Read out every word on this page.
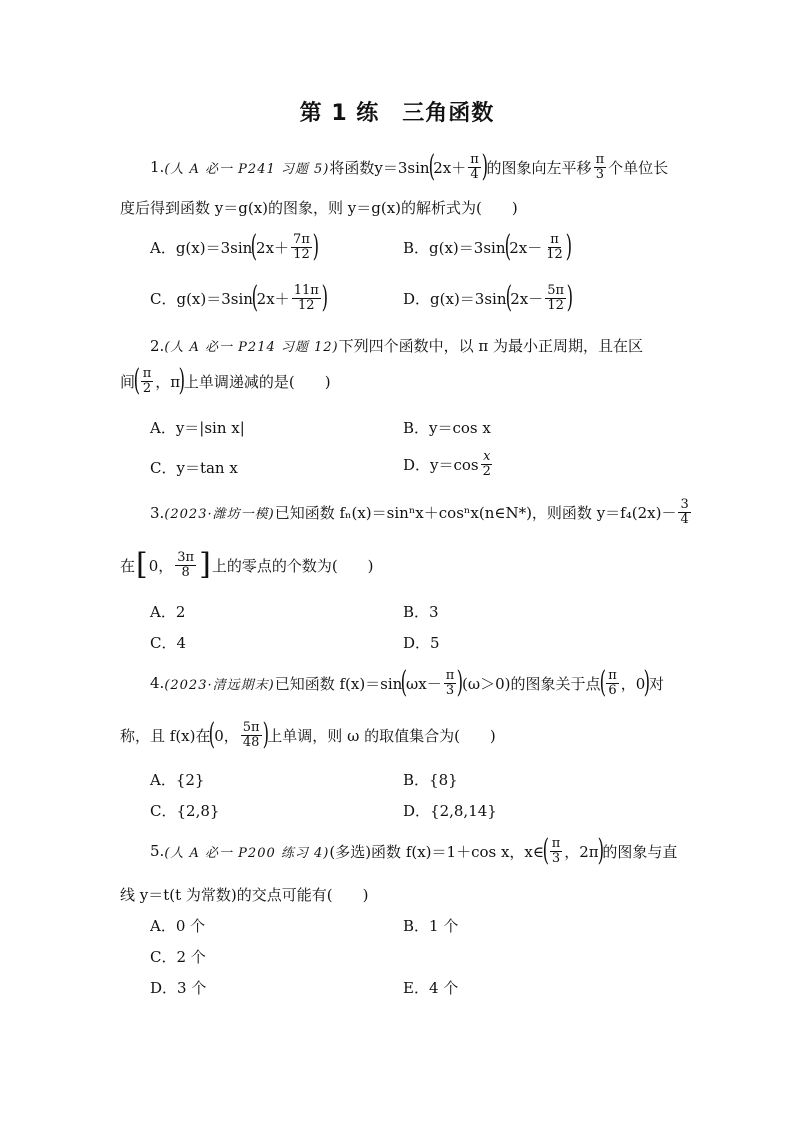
第 1 练　三角函数
1. (人 A 必一 P241 习题 5) 将函数 y＝3sin
(
$2x+ \frac{\pi}{4}$ )
的图象向左平移 $\frac{\pi}{3}$ 个单位长
度后得到函数 y＝g(x)的图象，则 y＝g(x)的解析式为(　　)
A．g(x)＝3sin
(
$2x+ \frac{7\pi}{12}$ )	B．g(x)＝3sin
(
$2x- \frac{\pi}{12}$ )
C．g(x)＝3sin
(
$2x+ \frac{11\pi}{12}$ )	D．g(x)＝3sin
(
$2x- \frac{5\pi}{12}$ )
2. (人 A 必一 P214 习题 12) 下列四个函数中，以 π 为最小正周期，且在区
间
( $\frac{\pi}{2}$ ，π
)
上单调递减的是(　　)
A．y＝|sin x|	B．y＝cos x
C．y＝tan x	D．$y=\cos \frac{x}{2}$
3. (2023·潍坊一模) 已知函数 fₙ(x)＝sinⁿx＋cosⁿx(n∈N*)，则函数 $y=f_4(2x)- \frac{3}{4}$
在 [ 0， $\frac{3\pi}{8}$ ] 上的零点的个数为(　　)
A．2	B．3
C．4	D．5
4. (2023·清远期末) 已知函数 f(x)＝sin
(
$\omega x- \frac{\pi}{3}$ )
(ω＞0)的图象关于点
( $\frac{\pi}{6}$ ，0
)
对
称，且 f(x)在
(
0， $\frac{5\pi}{48}$ )
上单调，则 ω 的取值集合为(　　)
A．{2}	B．{8}
C．{2,8}	D．{2,8,14}
5. (人 A 必一 P200 练习 4) (多选)函数 f(x)＝1＋cos x，x∈
( $\frac{\pi}{3}$ ，2π
)
的图象与直
线 y＝t(t 为常数)的交点可能有(　　)
A．0 个	B．1 个
C．2 个
D．3 个	E．4 个
